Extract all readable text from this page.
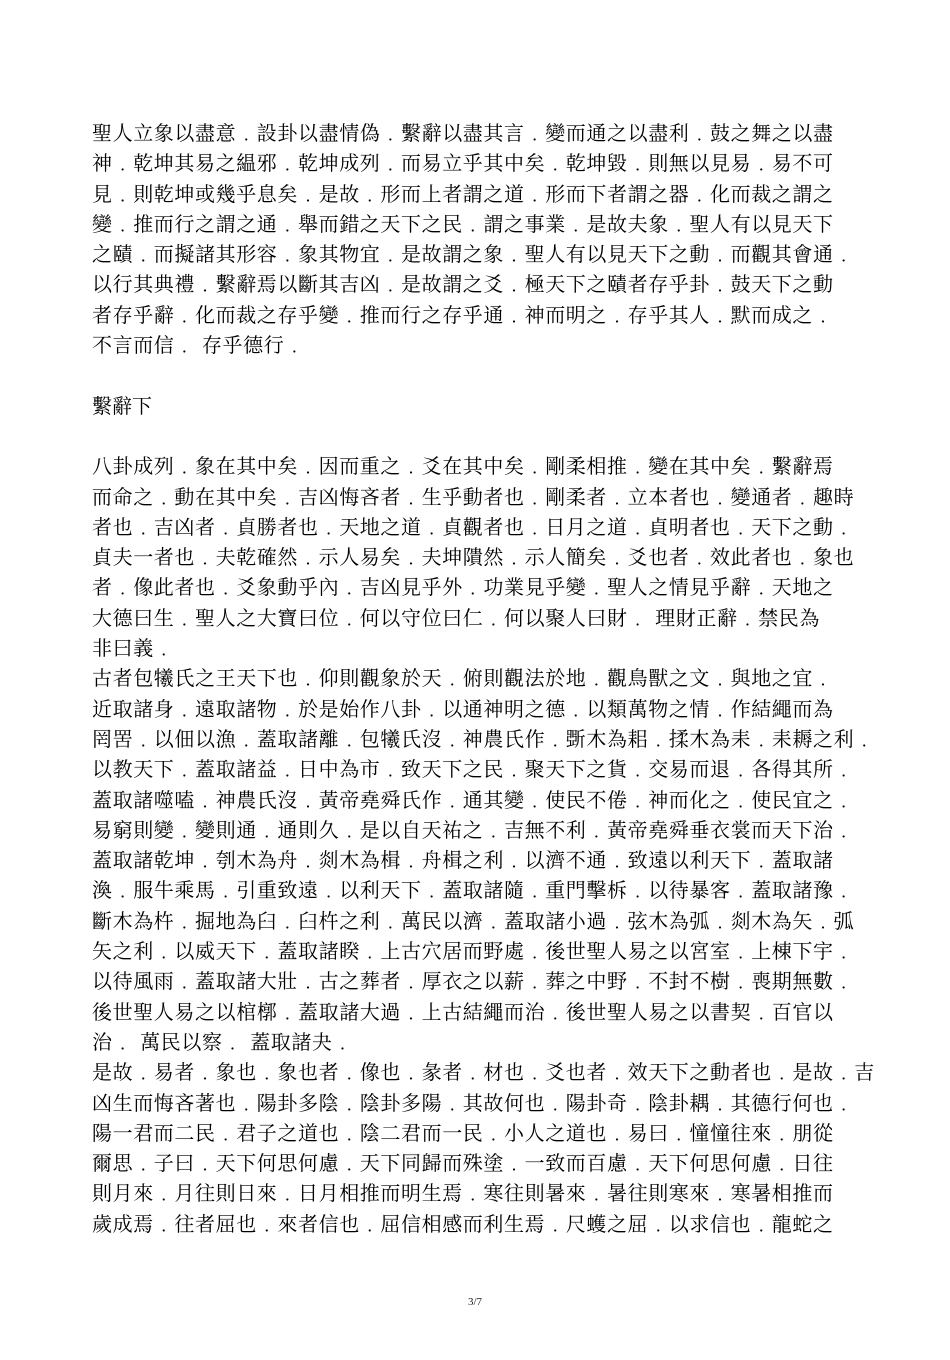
聖人立象以盡意﹒設卦以盡情偽﹒繫辭以盡其言﹒變而通之以盡利﹒鼓之舞之以盡
神﹒乾坤其易之緼邪﹒乾坤成列﹒而易立乎其中矣﹒乾坤毀﹒則無以見易﹒易不可
見﹒則乾坤或幾乎息矣﹒是故﹒形而上者謂之道﹒形而下者謂之器﹒化而裁之謂之
變﹒推而行之謂之通﹒舉而錯之天下之民﹒謂之事業﹒是故夫象﹒聖人有以見天下
之賾﹒而擬諸其形容﹒象其物宜﹒是故謂之象﹒聖人有以見天下之動﹒而觀其會通﹒
以行其典禮﹒繫辭焉以斷其吉凶﹒是故謂之爻﹒極天下之賾者存乎卦﹒鼓天下之動
者存乎辭﹒化而裁之存乎變﹒推而行之存乎通﹒神而明之﹒存乎其人﹒默而成之﹒
不言而信﹒ 存乎德行﹒
繫辭下
八卦成列﹒象在其中矣﹒因而重之﹒爻在其中矣﹒剛柔相推﹒變在其中矣﹒繫辭焉
而命之﹒動在其中矣﹒吉凶悔吝者﹒生乎動者也﹒剛柔者﹒立本者也﹒變通者﹒趣時
者也﹒吉凶者﹒貞勝者也﹒天地之道﹒貞觀者也﹒日月之道﹒貞明者也﹒天下之動﹒
貞夫一者也﹒夫乾確然﹒示人易矣﹒夫坤隤然﹒示人簡矣﹒爻也者﹒效此者也﹒象也
者﹒像此者也﹒爻象動乎內﹒吉凶見乎外﹒功業見乎變﹒聖人之情見乎辭﹒天地之
大德曰生﹒聖人之大寶曰位﹒何以守位曰仁﹒何以聚人曰財﹒ 理財正辭﹒禁民為
非曰義﹒
古者包犧氏之王天下也﹒仰則觀象於天﹒俯則觀法於地﹒觀鳥獸之文﹒與地之宜﹒
近取諸身﹒遠取諸物﹒於是始作八卦﹒以通神明之德﹒以類萬物之情﹒作結繩而為
罔罟﹒以佃以漁﹒蓋取諸離﹒包犧氏沒﹒神農氏作﹒斲木為耜﹒揉木為耒﹒耒耨之利﹒
以教天下﹒蓋取諸益﹒日中為市﹒致天下之民﹒聚天下之貨﹒交易而退﹒各得其所﹒
蓋取諸噬嗑﹒神農氏沒﹒黃帝堯舜氏作﹒通其變﹒使民不倦﹒神而化之﹒使民宜之﹒
易窮則變﹒變則通﹒通則久﹒是以自天祐之﹒吉無不利﹒黃帝堯舜垂衣裳而天下治﹒
蓋取諸乾坤﹒刳木為舟﹒剡木為楫﹒舟楫之利﹒以濟不通﹒致遠以利天下﹒蓋取諸
渙﹒服牛乘馬﹒引重致遠﹒以利天下﹒蓋取諸隨﹒重門擊柝﹒以待暴客﹒蓋取諸豫﹒
斷木為杵﹒掘地為臼﹒臼杵之利﹒萬民以濟﹒蓋取諸小過﹒弦木為弧﹒剡木為矢﹒弧
矢之利﹒以威天下﹒蓋取諸睽﹒上古穴居而野處﹒後世聖人易之以宮室﹒上棟下宇﹒
以待風雨﹒蓋取諸大壯﹒古之葬者﹒厚衣之以薪﹒葬之中野﹒不封不樹﹒喪期無數﹒
後世聖人易之以棺槨﹒蓋取諸大過﹒上古結繩而治﹒後世聖人易之以書契﹒百官以
治﹒ 萬民以察﹒ 蓋取諸夬﹒
是故﹒易者﹒象也﹒象也者﹒像也﹒彖者﹒材也﹒爻也者﹒效天下之動者也﹒是故﹒吉
凶生而悔吝著也﹒陽卦多陰﹒陰卦多陽﹒其故何也﹒陽卦奇﹒陰卦耦﹒其德行何也﹒
陽一君而二民﹒君子之道也﹒陰二君而一民﹒小人之道也﹒易曰﹒憧憧往來﹒朋從
爾思﹒子曰﹒天下何思何慮﹒天下同歸而殊塗﹒一致而百慮﹒天下何思何慮﹒日往
則月來﹒月往則日來﹒日月相推而明生焉﹒寒往則暑來﹒暑往則寒來﹒寒暑相推而
歲成焉﹒往者屈也﹒來者信也﹒屈信相感而利生焉﹒尺蠖之屈﹒以求信也﹒龍蛇之
3/7
